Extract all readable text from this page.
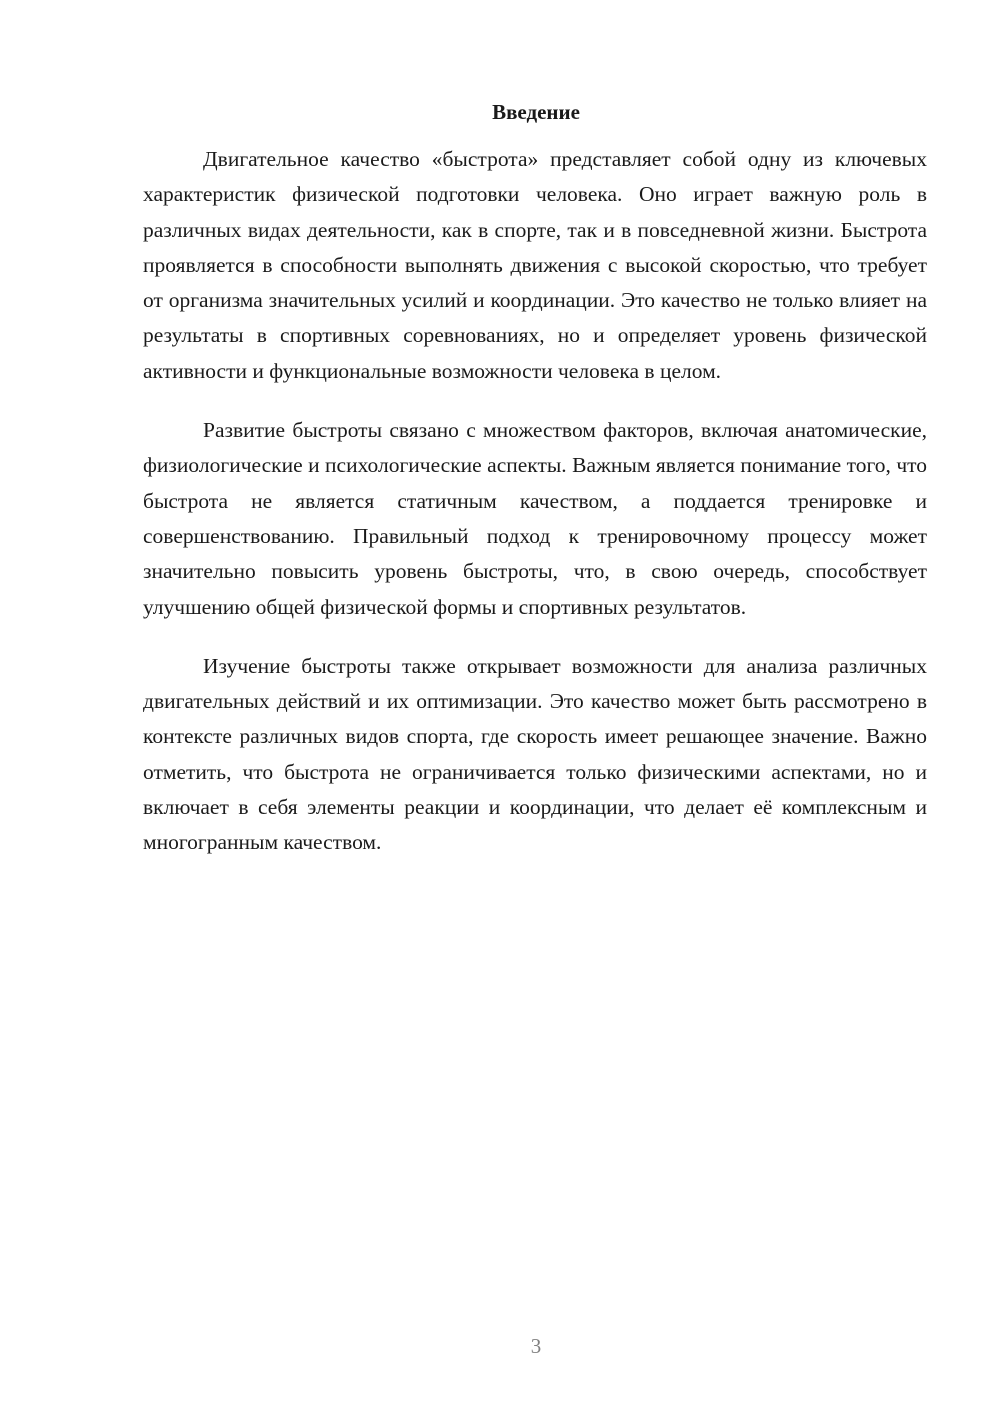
Введение

Двигательное качество «быстрота» представляет собой одну из ключевых характеристик физической подготовки человека. Оно играет важную роль в различных видах деятельности, как в спорте, так и в повседневной жизни. Быстрота проявляется в способности выполнять движения с высокой скоростью, что требует от организма значительных усилий и координации. Это качество не только влияет на результаты в спортивных соревнованиях, но и определяет уровень физической активности и функциональные возможности человека в целом.

Развитие быстроты связано с множеством факторов, включая анатомические, физиологические и психологические аспекты. Важным является понимание того, что быстрота не является статичным качеством, а поддается тренировке и совершенствованию. Правильный подход к тренировочному процессу может значительно повысить уровень быстроты, что, в свою очередь, способствует улучшению общей физической формы и спортивных результатов.

Изучение быстроты также открывает возможности для анализа различных двигательных действий и их оптимизации. Это качество может быть рассмотрено в контексте различных видов спорта, где скорость имеет решающее значение. Важно отметить, что быстрота не ограничивается только физическими аспектами, но и включает в себя элементы реакции и координации, что делает её комплексным и многогранным качеством.

3
